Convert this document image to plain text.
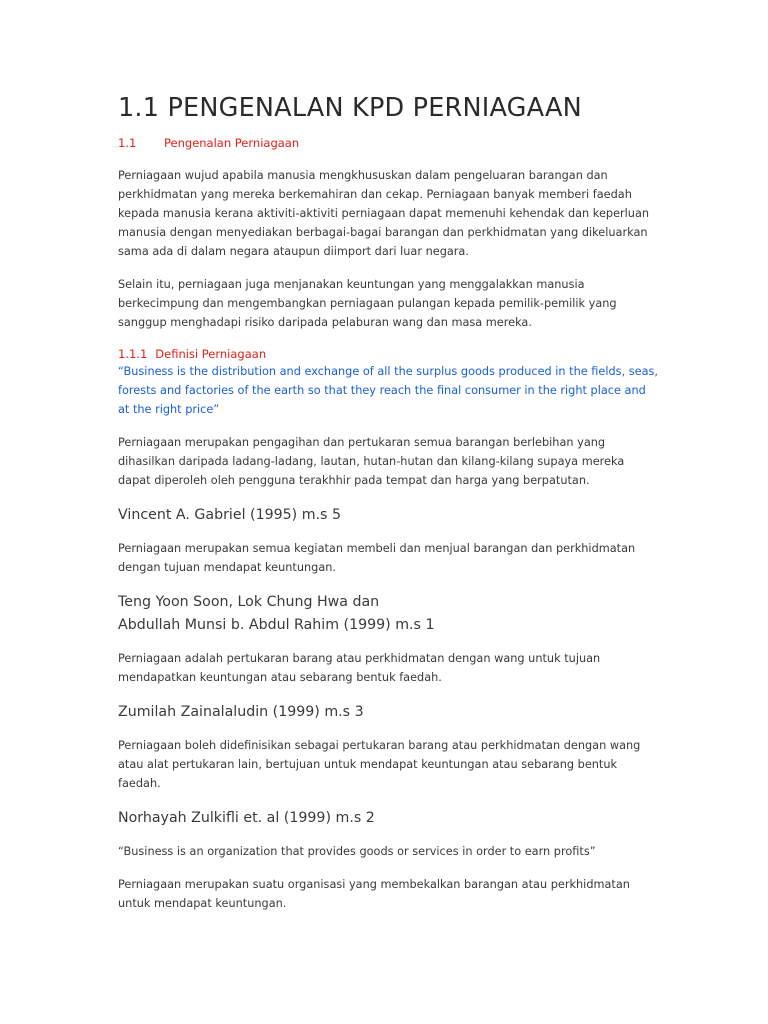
1.1 PENGENALAN KPD PERNIAGAAN
1.1 Pengenalan Perniagaan

Perniagaan wujud apabila manusia mengkhususkan dalam pengeluaran barangan dan perkhidmatan yang mereka berkemahiran dan cekap. Perniagaan banyak memberi faedah kepada manusia kerana aktiviti-aktiviti perniagaan dapat memenuhi kehendak dan keperluan manusia dengan menyediakan berbagai-bagai barangan dan perkhidmatan yang dikeluarkan sama ada di dalam negara ataupun diimport dari luar negara.

Selain itu, perniagaan juga menjanakan keuntungan yang menggalakkan manusia berkecimpung dan mengembangkan perniagaan pulangan kepada pemilik-pemilik yang sanggup menghadapi risiko daripada pelaburan wang dan masa mereka.

1.1.1 Definisi Perniagaan

“Business is the distribution and exchange of all the surplus goods produced in the fields, seas, forests and factories of the earth so that they reach the final consumer in the right place and at the right price”

Perniagaan merupakan pengagihan dan pertukaran semua barangan berlebihan yang dihasilkan daripada ladang-ladang, lautan, hutan-hutan dan kilang-kilang supaya mereka dapat diperoleh oleh pengguna terakhhir pada tempat dan harga yang berpatutan.

Vincent A. Gabriel (1995) m.s 5

Perniagaan merupakan semua kegiatan membeli dan menjual barangan dan perkhidmatan dengan tujuan mendapat keuntungan.

Teng Yoon Soon, Lok Chung Hwa dan
Abdullah Munsi b. Abdul Rahim (1999) m.s 1

Perniagaan adalah pertukaran barang atau perkhidmatan dengan wang untuk tujuan mendapatkan keuntungan atau sebarang bentuk faedah.

Zumilah Zainalaludin (1999) m.s 3

Perniagaan boleh didefinisikan sebagai pertukaran barang atau perkhidmatan dengan wang atau alat pertukaran lain, bertujuan untuk mendapat keuntungan atau sebarang bentuk faedah.

Norhayah Zulkifli et. al (1999) m.s 2

“Business is an organization that provides goods or services in order to earn profits”

Perniagaan merupakan suatu organisasi yang membekalkan barangan atau perkhidmatan untuk mendapat keuntungan.
